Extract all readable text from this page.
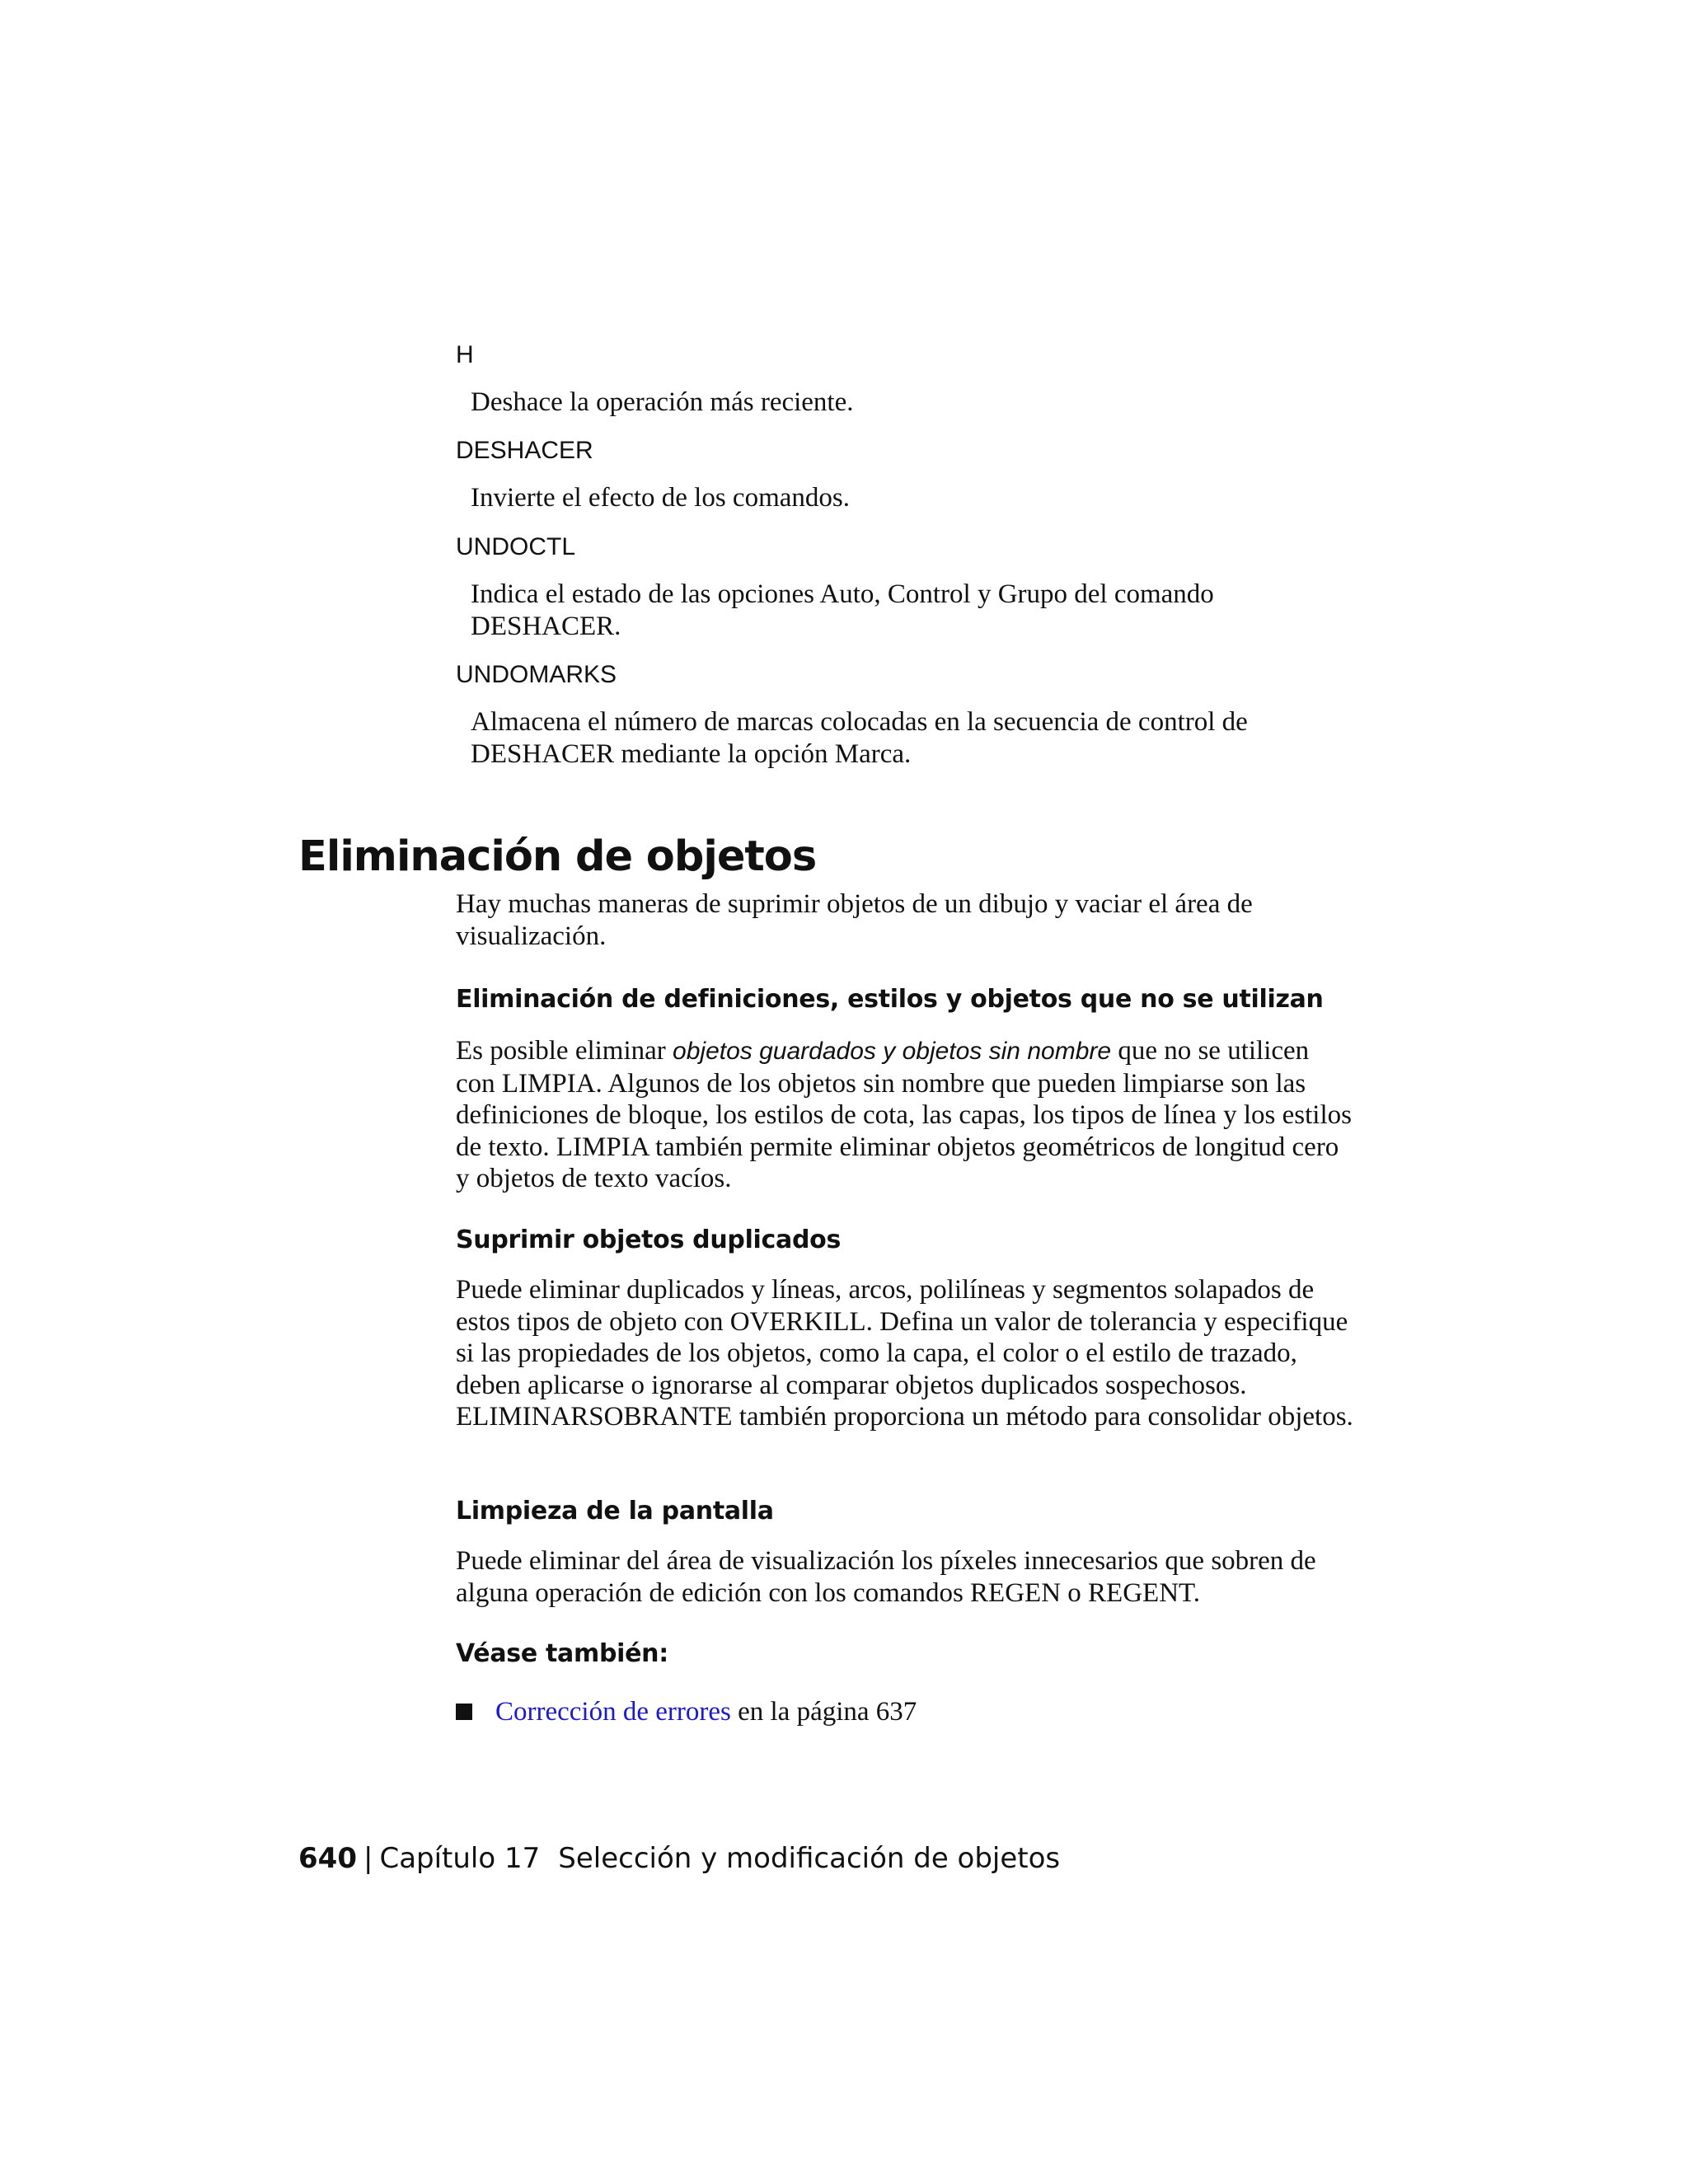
H

Deshace la operación más reciente.

DESHACER

Invierte el efecto de los comandos.

UNDOCTL

Indica el estado de las opciones Auto, Control y Grupo del comando DESHACER.

UNDOMARKS

Almacena el número de marcas colocadas en la secuencia de control de DESHACER mediante la opción Marca.

Eliminación de objetos

Hay muchas maneras de suprimir objetos de un dibujo y vaciar el área de visualización.

Eliminación de definiciones, estilos y objetos que no se utilizan

Es posible eliminar objetos guardados y objetos sin nombre que no se utilicen con LIMPIA. Algunos de los objetos sin nombre que pueden limpiarse son las definiciones de bloque, los estilos de cota, las capas, los tipos de línea y los estilos de texto. LIMPIA también permite eliminar objetos geométricos de longitud cero y objetos de texto vacíos.

Suprimir objetos duplicados

Puede eliminar duplicados y líneas, arcos, polilíneas y segmentos solapados de estos tipos de objeto con OVERKILL. Defina un valor de tolerancia y especifique si las propiedades de los objetos, como la capa, el color o el estilo de trazado, deben aplicarse o ignorarse al comparar objetos duplicados sospechosos. ELIMINARSOBRANTE también proporciona un método para consolidar objetos.

Limpieza de la pantalla

Puede eliminar del área de visualización los píxeles innecesarios que sobren de alguna operación de edición con los comandos REGEN o REGENT.

Véase también:
Corrección de errores en la página 637
640 | Capítulo 17 Selección y modificación de objetos
